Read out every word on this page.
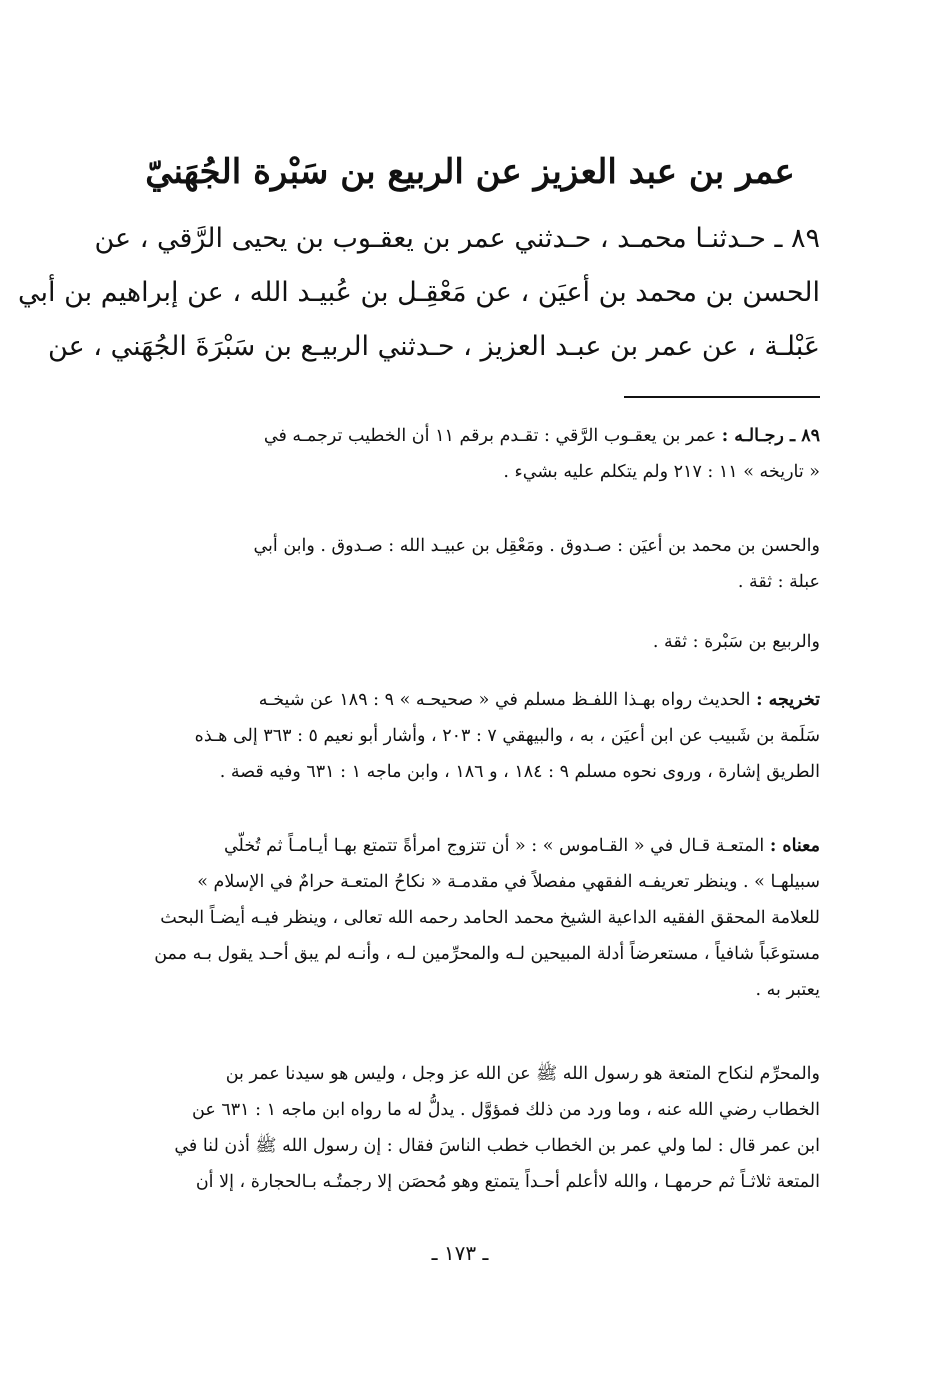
عمر بن عبد العزيز عن الربيع بن سَبْرة الجُهَنيّ
٨٩ ـ حـدثنـا محمـد ، حـدثني عمر بن يعقـوب بن يحيى الرَّقي ، عن
الحسن بن محمد بن أعيَن ، عن مَعْقِـل بن عُبيـد الله ، عن إبراهيم بن أبي
عَبْلـة ، عن عمر بن عبـد العزيز ، حـدثني الربيـع بن سَبْرَةَ الجُهَني ، عن
٨٩ ـ رجـالـه : عمر بن يعقـوب الرَّقي : تقـدم برقم ١١ أن الخطيب ترجمـه في
« تاريخه » ١١ : ٢١٧ ولم يتكلم عليه بشيء .
والحسن بن محمد بن أعيَن : صـدوق . ومَعْقِل بن عبيـد الله : صـدوق . وابن أبي
عبلة : ثقة .
والربيع بن سَبْرة : ثقة .
تخريجه : الحديث رواه بهـذا اللفـظ مسلم في « صحيحـه » ٩ : ١٨٩ عن شيخـه
سَلَمة بن شَبيب عن ابن أعيَن ، به ، والبيهقي ٧ : ٢٠٣ ، وأشار أبو نعيم ٥ : ٣٦٣ إلى هـذه
الطريق إشارة ، وروى نحوه مسلم ٩ : ١٨٤ ، و ١٨٦ ، وابن ماجه ١ : ٦٣١ وفيه قصة .
معناه : المتعـة قـال في « القـاموس » : « أن تتزوج امرأةً تتمتع بهـا أيـامـاً ثم تُخلّي
سبيلهـا » . وينظر تعريفـه الفقهي مفصلاً في مقدمـة « نكاحُ المتعـة حرامٌ في الإسلام »
للعلامة المحقق الفقيه الداعية الشيخ محمد الحامد رحمه الله تعالى ، وينظر فيـه أيضـاً البحث
مستوعَباً شافياً ، مستعرضاً أدلة المبيحين لـه والمحرِّمين لـه ، وأنـه لم يبق أحـد يقول بـه ممن
يعتبر به .
والمحرِّم لنكاح المتعة هو رسول الله ﷺ عن الله عز وجل ، وليس هو سيدنا عمر بن
الخطاب رضي الله عنه ، وما ورد من ذلك فمؤوَّل . يدلُّ له ما رواه ابن ماجه ١ : ٦٣١ عن
ابن عمر قال : لما ولي عمر بن الخطاب خطب الناسَ فقال : إن رسول الله ﷺ أذن لنا في
المتعة ثلاثـاً ثم حرمهـا ، والله لاأعلم أحـداً يتمتع وهو مُحصَن إلا رجمتُـه بـالحجارة ، إلا أن
ـ ١٧٣ ـ
